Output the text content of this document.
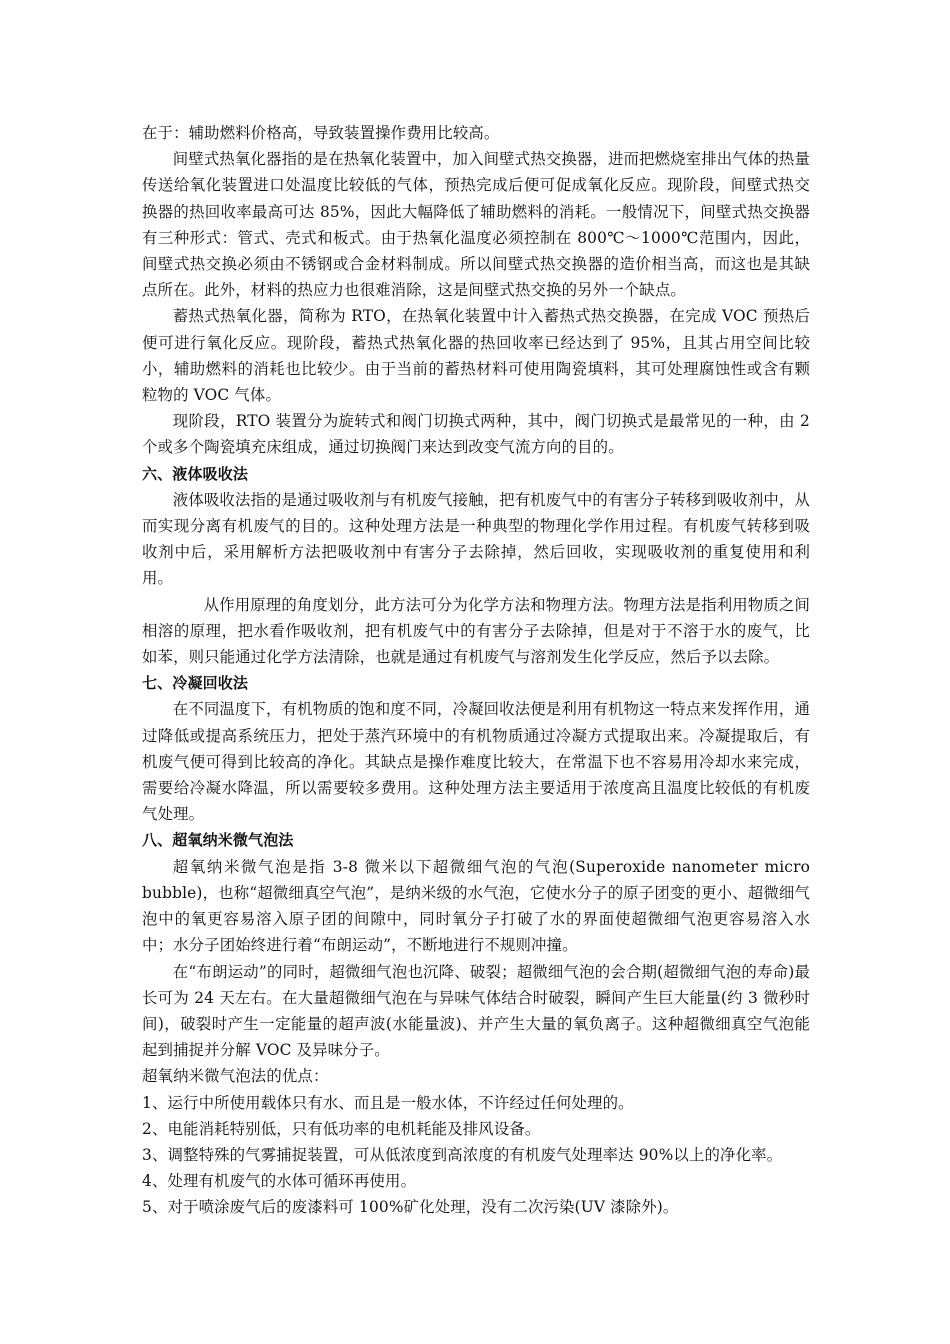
在于：辅助燃料价格高，导致装置操作费用比较高。

间壁式热氧化器指的是在热氧化装置中，加入间壁式热交换器，进而把燃烧室排出气体的热量传送给氧化装置进口处温度比较低的气体，预热完成后便可促成氧化反应。现阶段，间壁式热交换器的热回收率最高可达 85%，因此大幅降低了辅助燃料的消耗。一般情况下，间壁式热交换器有三种形式：管式、壳式和板式。由于热氧化温度必须控制在 800℃～1000℃范围内，因此，间壁式热交换必须由不锈钢或合金材料制成。所以间壁式热交换器的造价相当高，而这也是其缺点所在。此外，材料的热应力也很难消除，这是间壁式热交换的另外一个缺点。

蓄热式热氧化器，简称为 RTO，在热氧化装置中计入蓄热式热交换器，在完成 VOC 预热后便可进行氧化反应。现阶段，蓄热式热氧化器的热回收率已经达到了 95%，且其占用空间比较小，辅助燃料的消耗也比较少。由于当前的蓄热材料可使用陶瓷填料，其可处理腐蚀性或含有颗粒物的 VOC 气体。

现阶段，RTO 装置分为旋转式和阀门切换式两种，其中，阀门切换式是最常见的一种，由 2 个或多个陶瓷填充床组成，通过切换阀门来达到改变气流方向的目的。

六、液体吸收法

液体吸收法指的是通过吸收剂与有机废气接触，把有机废气中的有害分子转移到吸收剂中，从而实现分离有机废气的目的。这种处理方法是一种典型的物理化学作用过程。有机废气转移到吸收剂中后，采用解析方法把吸收剂中有害分子去除掉，然后回收，实现吸收剂的重复使用和利用。

从作用原理的角度划分，此方法可分为化学方法和物理方法。物理方法是指利用物质之间相溶的原理，把水看作吸收剂，把有机废气中的有害分子去除掉，但是对于不溶于水的废气，比如苯，则只能通过化学方法清除，也就是通过有机废气与溶剂发生化学反应，然后予以去除。

七、冷凝回收法

在不同温度下，有机物质的饱和度不同，冷凝回收法便是利用有机物这一特点来发挥作用，通过降低或提高系统压力，把处于蒸汽环境中的有机物质通过冷凝方式提取出来。冷凝提取后，有机废气便可得到比较高的净化。其缺点是操作难度比较大，在常温下也不容易用冷却水来完成，需要给冷凝水降温，所以需要较多费用。这种处理方法主要适用于浓度高且温度比较低的有机废气处理。

八、超氧纳米微气泡法

超氧纳米微气泡是指 3-8 微米以下超微细气泡的气泡(Superoxide nanometer micro bubble)，也称“超微细真空气泡”，是纳米级的水气泡，它使水分子的原子团变的更小、超微细气泡中的氧更容易溶入原子团的间隙中，同时氧分子打破了水的界面使超微细气泡更容易溶入水中；水分子团始终进行着“布朗运动”，不断地进行不规则冲撞。

在“布朗运动”的同时，超微细气泡也沉降、破裂；超微细气泡的会合期(超微细气泡的寿命)最长可为 24 天左右。在大量超微细气泡在与异味气体结合时破裂，瞬间产生巨大能量(约 3 微秒时间)，破裂时产生一定能量的超声波(水能量波)、并产生大量的氧负离子。这种超微细真空气泡能起到捕捉并分解 VOC 及异味分子。

超氧纳米微气泡法的优点：

1、运行中所使用载体只有水、而且是一般水体，不许经过任何处理的。

2、电能消耗特别低，只有低功率的电机耗能及排风设备。

3、调整特殊的气雾捕捉装置，可从低浓度到高浓度的有机废气处理率达 90%以上的净化率。

4、处理有机废气的水体可循环再使用。

5、对于喷涂废气后的废漆料可 100%矿化处理，没有二次污染(UV 漆除外)。
